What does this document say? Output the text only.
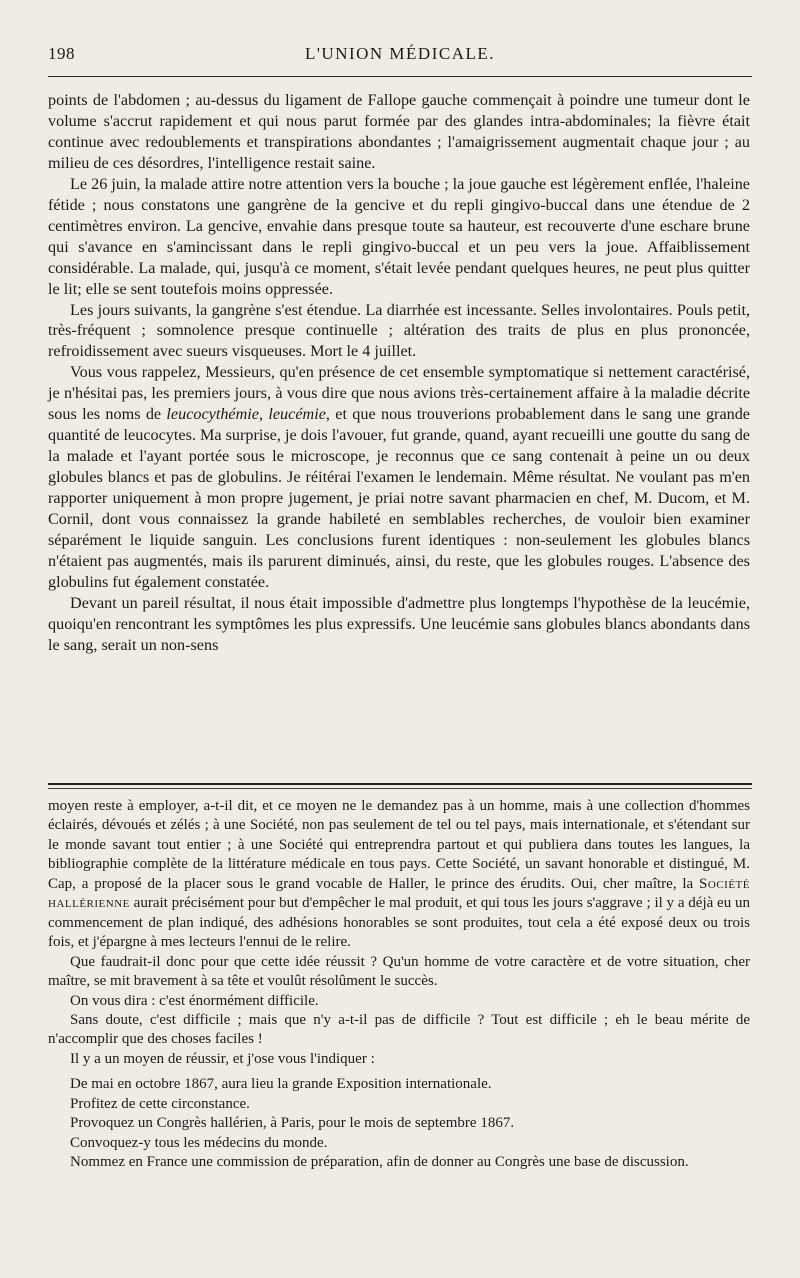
198	L'UNION MÉDICALE.

points de l'abdomen ; au-dessus du ligament de Fallope gauche commençait à poindre une tumeur dont le volume s'accrut rapidement et qui nous parut formée par des glandes intra-abdominales; la fièvre était continue avec redoublements et transpirations abondantes ; l'amaigrissement augmentait chaque jour ; au milieu de ces désordres, l'intelligence restait saine.

Le 26 juin, la malade attire notre attention vers la bouche ; la joue gauche est légèrement enflée, l'haleine fétide ; nous constatons une gangrène de la gencive et du repli gingivo-buccal dans une étendue de 2 centimètres environ. La gencive, envahie dans presque toute sa hauteur, est recouverte d'une eschare brune qui s'avance en s'amincissant dans le repli gingivo-buccal et un peu vers la joue. Affaiblissement considérable. La malade, qui, jusqu'à ce moment, s'était levée pendant quelques heures, ne peut plus quitter le lit; elle se sent toutefois moins oppressée.

Les jours suivants, la gangrène s'est étendue. La diarrhée est incessante. Selles involontaires. Pouls petit, très-fréquent ; somnolence presque continuelle ; altération des traits de plus en plus prononcée, refroidissement avec sueurs visqueuses. Mort le 4 juillet.

Vous vous rappelez, Messieurs, qu'en présence de cet ensemble symptomatique si nettement caractérisé, je n'hésitai pas, les premiers jours, à vous dire que nous avions très-certainement affaire à la maladie décrite sous les noms de leucocythémie, leucémie, et que nous trouverions probablement dans le sang une grande quantité de leucocytes. Ma surprise, je dois l'avouer, fut grande, quand, ayant recueilli une goutte du sang de la malade et l'ayant portée sous le microscope, je reconnus que ce sang contenait à peine un ou deux globules blancs et pas de globulins. Je réitérai l'examen le lendemain. Même résultat. Ne voulant pas m'en rapporter uniquement à mon propre jugement, je priai notre savant pharmacien en chef, M. Ducom, et M. Cornil, dont vous connaissez la grande habileté en semblables recherches, de vouloir bien examiner séparément le liquide sanguin. Les conclusions furent identiques : non-seulement les globules blancs n'étaient pas augmentés, mais ils parurent diminués, ainsi, du reste, que les globules rouges. L'absence des globulins fut également constatée.

Devant un pareil résultat, il nous était impossible d'admettre plus longtemps l'hypothèse de la leucémie, quoiqu'en rencontrant les symptômes les plus expressifs. Une leucémie sans globules blancs abondants dans le sang, serait un non-sens

moyen reste à employer, a-t-il dit, et ce moyen ne le demandez pas à un homme, mais à une collection d'hommes éclairés, dévoués et zélés ; à une Société, non pas seulement de tel ou tel pays, mais internationale, et s'étendant sur le monde savant tout entier ; à une Société qui entreprendra partout et qui publiera dans toutes les langues, la bibliographie complète de la littérature médicale en tous pays. Cette Société, un savant honorable et distingué, M. Cap, a proposé de la placer sous le grand vocable de Haller, le prince des érudits. Oui, cher maître, la Société hallérienne aurait précisément pour but d'empêcher le mal produit, et qui tous les jours s'aggrave ; il y a déjà eu un commencement de plan indiqué, des adhésions honorables se sont produites, tout cela a été exposé deux ou trois fois, et j'épargne à mes lecteurs l'ennui de le relire.

Que faudrait-il donc pour que cette idée réussit ? Qu'un homme de votre caractère et de votre situation, cher maître, se mit bravement à sa tête et voulût résolûment le succès.

On vous dira : c'est énormément difficile.

Sans doute, c'est difficile ; mais que n'y a-t-il pas de difficile ? Tout est difficile ; eh le beau mérite de n'accomplir que des choses faciles !

Il y a un moyen de réussir, et j'ose vous l'indiquer :

De mai en octobre 1867, aura lieu la grande Exposition internationale.
Profitez de cette circonstance.
Provoquez un Congrès hallérien, à Paris, pour le mois de septembre 1867.
Convoquez-y tous les médecins du monde.
Nommez en France une commission de préparation, afin de donner au Congrès une base de discussion.
